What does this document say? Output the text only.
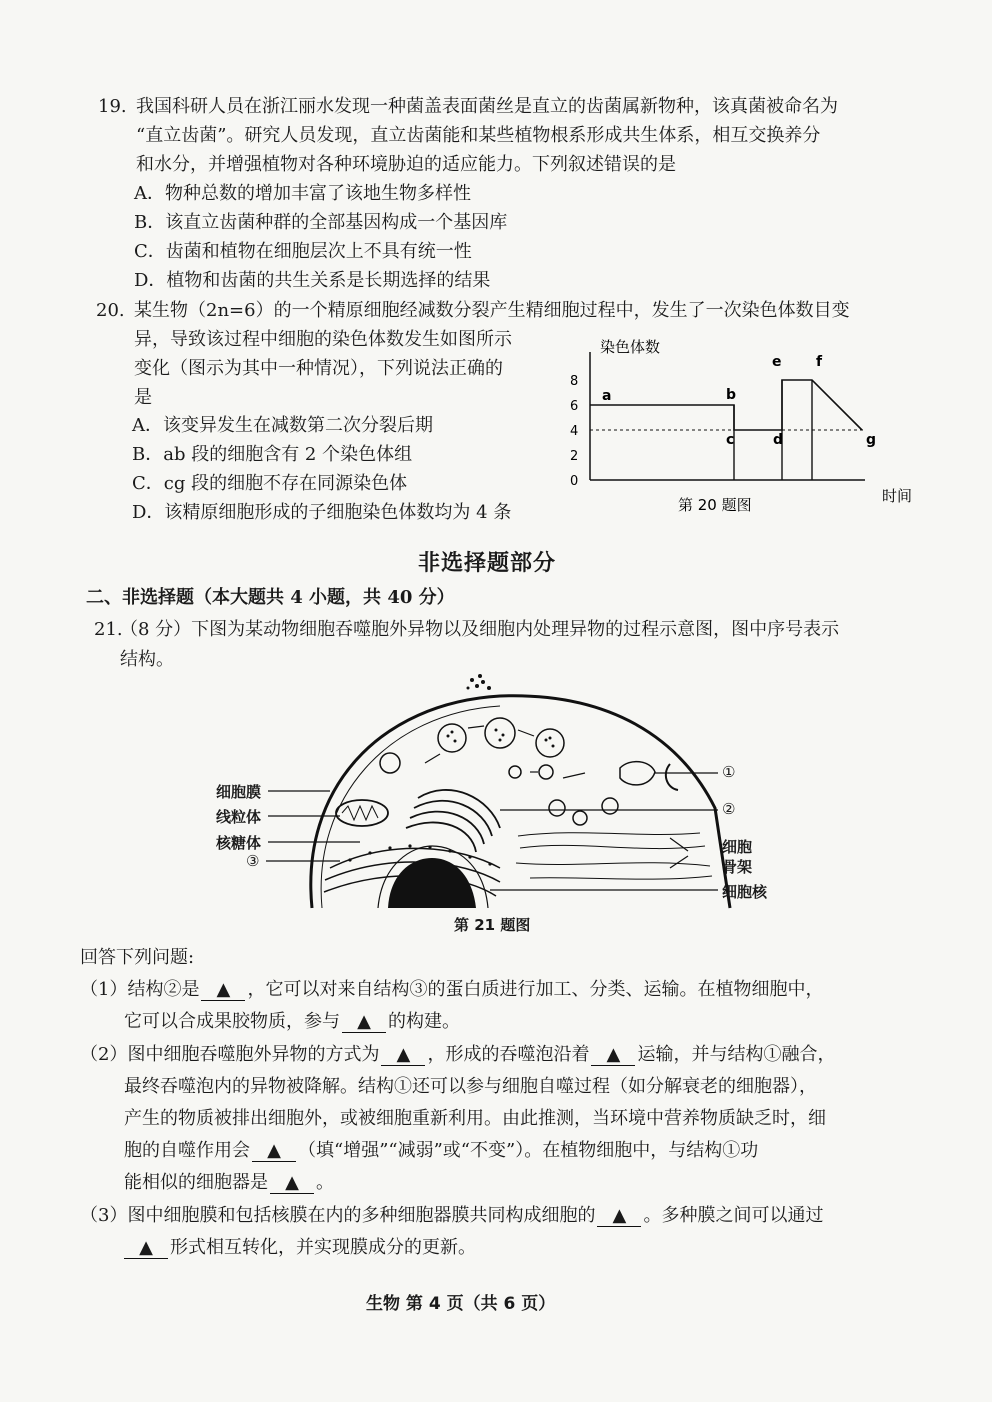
19. 我国科研人员在浙江丽水发现一种菌盖表面菌丝是直立的齿菌属新物种，该真菌被命名为
“直立齿菌”。研究人员发现，直立齿菌能和某些植物根系形成共生体系，相互交换养分
和水分，并增强植物对各种环境胁迫的适应能力。下列叙述错误的是
A．物种总数的增加丰富了该地生物多样性
B．该直立齿菌种群的全部基因构成一个基因库
C．齿菌和植物在细胞层次上不具有统一性
D．植物和齿菌的共生关系是长期选择的结果
20. 某生物（2n=6）的一个精原细胞经减数分裂产生精细胞过程中，发生了一次染色体数目变
异，导致该过程中细胞的染色体数发生如图所示
变化（图示为其中一种情况），下列说法正确的
是
A．该变异发生在减数第二次分裂后期
B．ab 段的细胞含有 2 个染色体组
C．cg 段的细胞不存在同源染色体
D．该精原细胞形成的子细胞染色体数均为 4 条
染色体数
时间
第 20 题图
0
2
4
6
8
a	b
c	d
e f
g
非选择题部分
二、非选择题（本大题共 4 小题，共 40 分）
21.
（8 分）下图为某动物细胞吞噬胞外异物以及细胞内处理异物的过程示意图，图中序号表示
结构。
细胞膜
线粒体
核糖体
③
①
②
细胞
骨架
细胞核
第 21 题图
回答下列问题:
（1）结构②是 ▲ ，它可以对来自结构③的蛋白质进行加工、分类、运输。在植物细胞中，
它可以合成果胶物质，参与 ▲ 的构建。
（2）图中细胞吞噬胞外异物的方式为 ▲ ，形成的吞噬泡沿着 ▲ 运输，并与结构①融合，
最终吞噬泡内的异物被降解。结构①还可以参与细胞自噬过程（如分解衰老的细胞器），
产生的物质被排出细胞外，或被细胞重新利用。由此推测，当环境中营养物质缺乏时，细
胞的自噬作用会 ▲ （填“增强”“减弱”或“不变”）。在植物细胞中，与结构①功
能相似的细胞器是 ▲ 。
（3）图中细胞膜和包括核膜在内的多种细胞器膜共同构成细胞的 ▲ 。多种膜之间可以通过
▲ 形式相互转化，并实现膜成分的更新。
生物 第 4 页（共 6 页）
